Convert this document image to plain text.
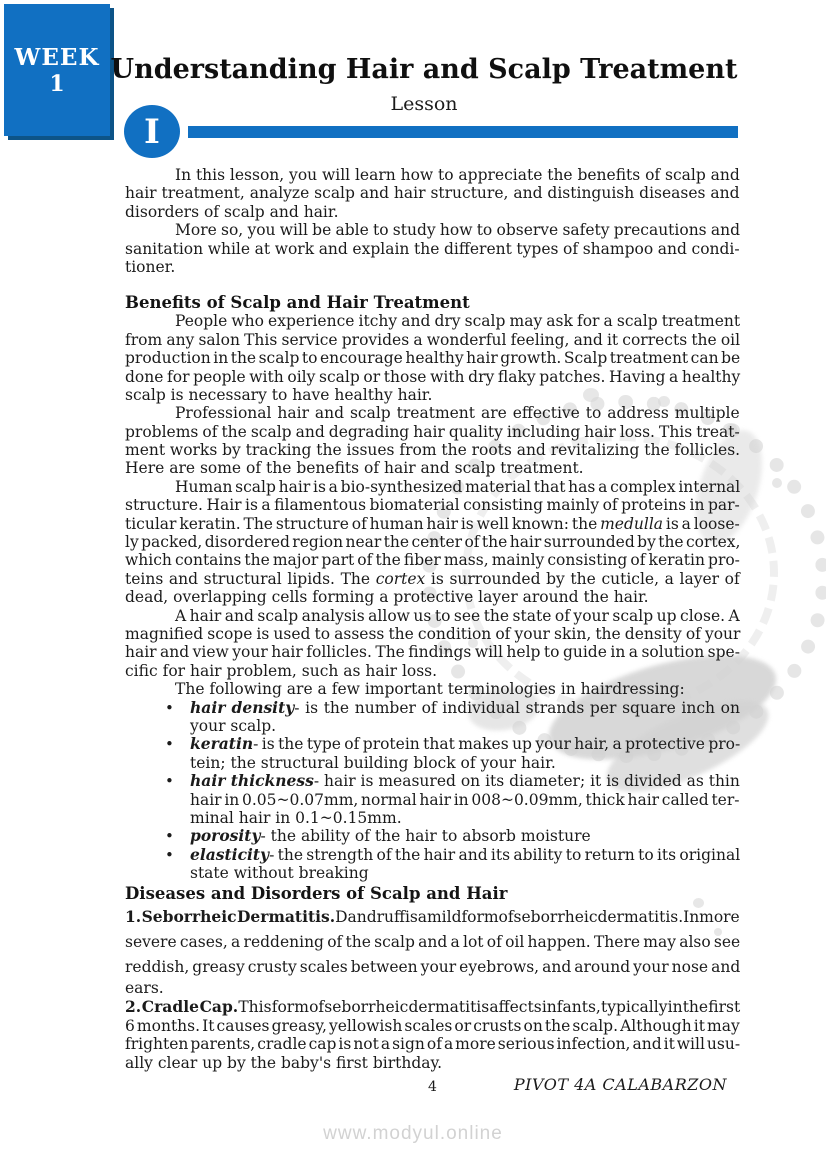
WEEK
1	Understanding Hair and Scalp Treatment
Lesson
I
In this lesson, you will learn how to appreciate the benefits of scalp and
hair treatment, analyze scalp and hair structure, and distinguish diseases and
disorders of scalp and hair.
More so, you will be able to study how to observe safety precautions and
sanitation while at work and explain the different types of shampoo and condi-
tioner.
Benefits of Scalp and Hair Treatment
People who experience itchy and dry scalp may ask for a scalp treatment
from any salon This service provides a wonderful feeling, and it corrects the oil
production in the scalp to encourage healthy hair growth. Scalp treatment can be
done for people with oily scalp or those with dry flaky patches. Having a healthy
scalp is necessary to have healthy hair.
Professional hair and scalp treatment are effective to address multiple
problems of the scalp and degrading hair quality including hair loss. This treat-
ment works by tracking the issues from the roots and revitalizing the follicles.
Here are some of the benefits of hair and scalp treatment.
Human scalp hair is a bio-synthesized material that has a complex internal
structure. Hair is a filamentous biomaterial consisting mainly of proteins in par-
ticular keratin. The structure of human hair is well known: the medulla is a loose-
ly packed, disordered region near the center of the hair surrounded by the cortex,
which contains the major part of the fiber mass, mainly consisting of keratin pro-
teins and structural lipids. The cortex is surrounded by the cuticle, a layer of
dead, overlapping cells forming a protective layer around the hair.
A hair and scalp analysis allow us to see the state of your scalp up close. A
magnified scope is used to assess the condition of your skin, the density of your
hair and view your hair follicles. The findings will help to guide in a solution spe-
cific for hair problem, such as hair loss.
The following are a few important terminologies in hairdressing:
•	hair density- is the number of individual strands per square inch on
your scalp.
•	keratin- is the type of protein that makes up your hair, a protective pro-
tein; the structural building block of your hair.
•	hair thickness- hair is measured on its diameter; it is divided as thin
hair in 0.05~0.07mm, normal hair in 008~0.09mm, thick hair called ter-
minal hair in 0.1~0.15mm.
•	porosity- the ability of the hair to absorb moisture
•	elasticity- the strength of the hair and its ability to return to its original
state without breaking
Diseases and Disorders of Scalp and Hair
1. Seborrheic Dermatitis. Dandruff is a mild form of seborrheic dermatitis. In more
severe cases, a reddening of the scalp and a lot of oil happen. There may also see
reddish, greasy crusty scales between your eyebrows, and around your nose and
ears.
2. Cradle Cap. This form of seborrheic dermatitis affects infants, typically in the first
6 months. It causes greasy, yellowish scales or crusts on the scalp. Although it may
frighten parents, cradle cap is not a sign of a more serious infection, and it will usu-
ally clear up by the baby's first birthday.
4	PIVOT 4A CALABARZON
www.modyul.online
